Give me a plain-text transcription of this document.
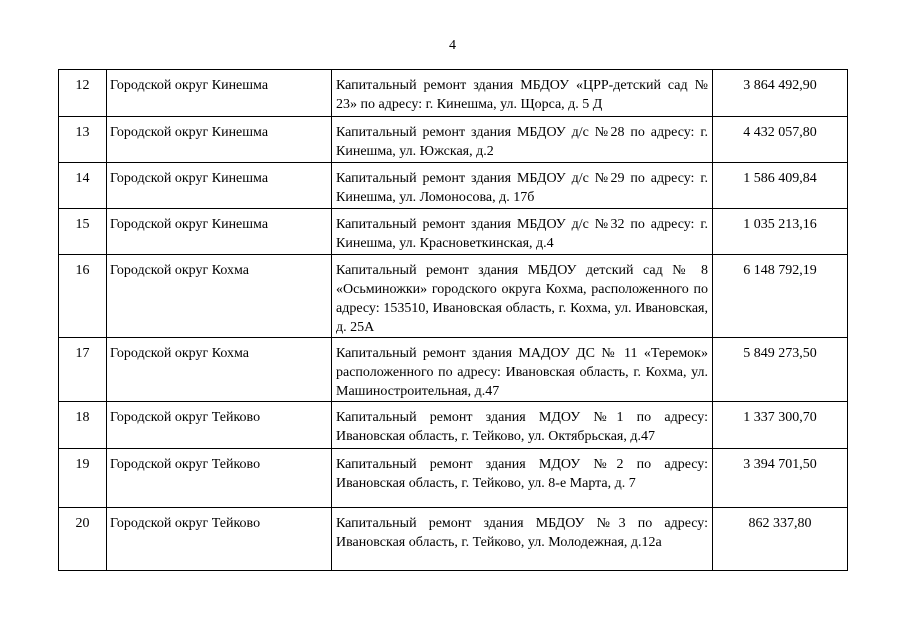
4
12	Городской округ Кинешма	Капитальный ремонт здания МБДОУ «ЦРР-детский сад № 23» по адресу: г. Кинешма, ул. Щорса, д. 5 Д	3 864 492,90
13	Городской округ Кинешма	Капитальный ремонт здания МБДОУ д/с №28 по адресу: г. Кинешма, ул. Южская, д.2	4 432 057,80
14	Городской округ Кинешма	Капитальный ремонт здания МБДОУ д/с №29 по адресу: г. Кинешма, ул. Ломоносова, д. 17б	1 586 409,84
15	Городской округ Кинешма	Капитальный ремонт здания МБДОУ д/с №32 по адресу: г. Кинешма, ул. Красноветкинская, д.4	1 035 213,16
16	Городской округ Кохма	Капитальный ремонт здания МБДОУ детский сад № 8 «Осьминожки» городского округа Кохма, расположенного по адресу: 153510, Ивановская область, г. Кохма, ул. Ивановская, д. 25А	6 148 792,19
17	Городской округ Кохма	Капитальный ремонт здания МАДОУ ДС № 11 «Теремок» расположенного по адресу: Ивановская область, г. Кохма, ул. Машиностроительная, д.47	5 849 273,50
18	Городской округ Тейково	Капитальный ремонт здания МДОУ №1 по адресу: Ивановская область, г. Тейково, ул. Октябрьская, д.47	1 337 300,70
19	Городской округ Тейково	Капитальный ремонт здания МДОУ №2 по адресу: Ивановская область, г. Тейково, ул. 8-е Марта, д. 7	3 394 701,50
20	Городской округ Тейково	Капитальный ремонт здания МБДОУ №3 по адресу: Ивановская область, г. Тейково, ул. Молодежная, д.12а	862 337,80
